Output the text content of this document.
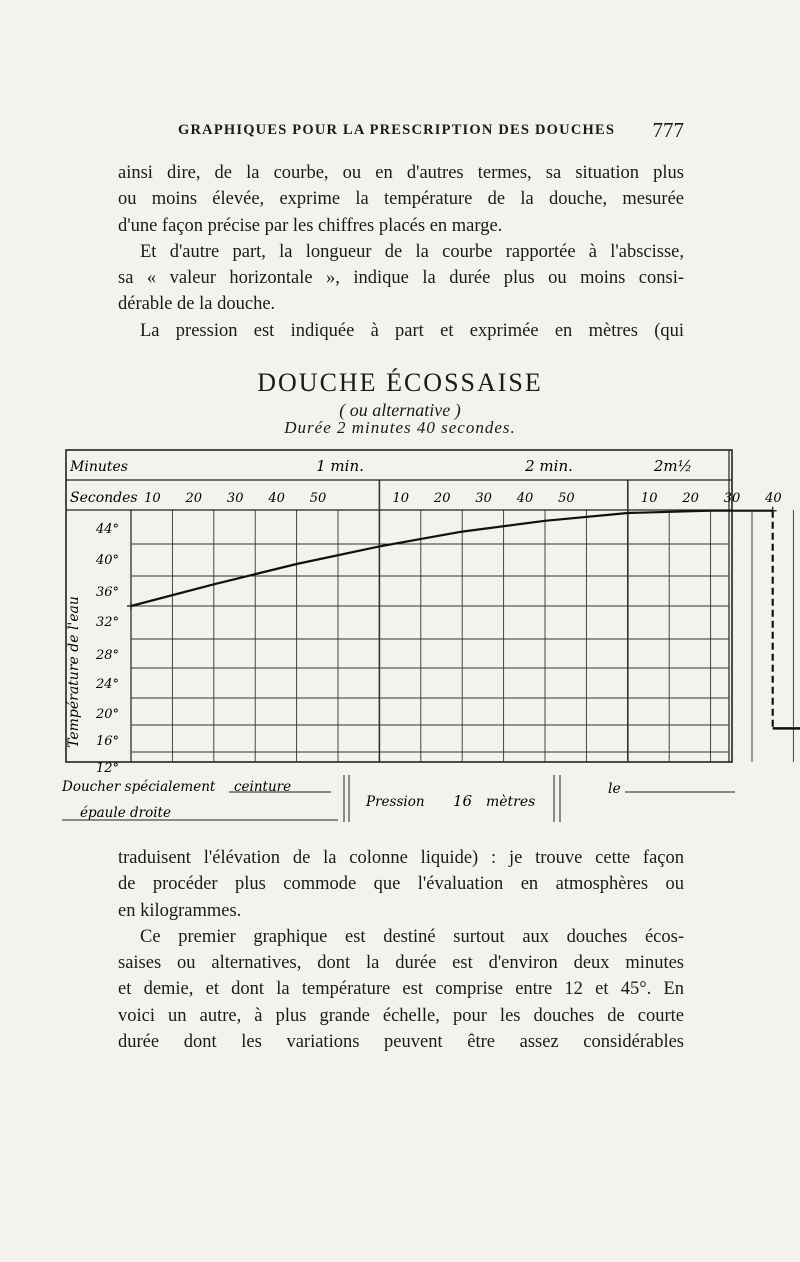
GRAPHIQUES POUR LA PRESCRIPTION DES DOUCHES 777

ainsi dire, de la courbe, ou en d'autres termes, sa situation plus
ou moins élevée, exprime la température de la douche, mesurée
d'une façon précise par les chiffres placés en marge.
Et d'autre part, la longueur de la courbe rapportée à l'abscisse,
sa « valeur horizontale », indique la durée plus ou moins consi-
dérable de la douche.
La pression est indiquée à part et exprimée en mètres (qui

DOUCHE ÉCOSSAISE
( ou alternative )
Durée 2 minutes 40 secondes.
Minutes
Secondes
Température de l'eau
1 min.	2 min.	2m½
Doucher spécialement ceinture
épaule droite
Pression 16 mètres
le
10 20 30 40 50	10 20 30 40 50	10 20 30 40
44°
40°
36°
32°
28°
24°
20°
16°
12°

traduisent l'élévation de la colonne liquide) : je trouve cette façon
de procéder plus commode que l'évaluation en atmosphères ou
en kilogrammes.
Ce premier graphique est destiné surtout aux douches écos-
saises ou alternatives, dont la durée est d'environ deux minutes
et demie, et dont la température est comprise entre 12 et 45°. En
voici un autre, à plus grande échelle, pour les douches de courte
durée dont les variations peuvent être assez considérables
